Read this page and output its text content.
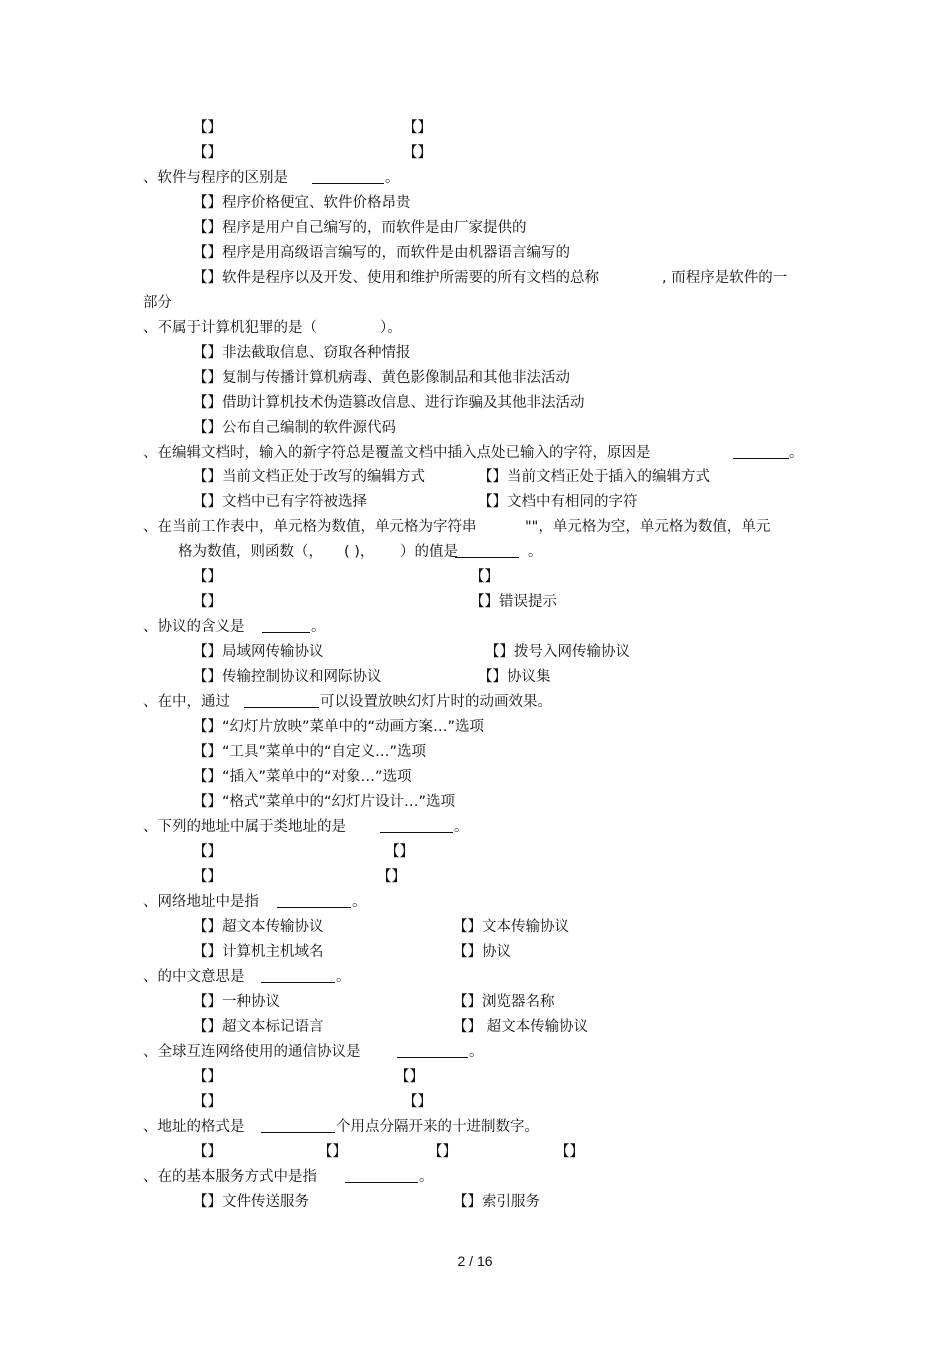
【】	【】
【】	【】
、软件与程序的区别是	。
【】程序价格便宜、软件价格昂贵
【】程序是用户自己编写的，而软件是由厂家提供的
【】程序是用高级语言编写的，而软件是由机器语言编写的
【】软件是程序以及开发、使用和维护所需要的所有文档的总称	, 而程序是软件的一
部分
、不属于计算机犯罪的是（	）。
【】非法截取信息、窃取各种情报
【】复制与传播计算机病毒、黄色影像制品和其他非法活动
【】借助计算机技术伪造篡改信息、进行诈骗及其他非法活动
【】公布自己编制的软件源代码
、在编辑文档时，输入的新字符总是覆盖文档中插入点处已输入的字符，原因是	。
【】当前文档正处于改写的编辑方式	【】当前文档正处于插入的编辑方式
【】文档中已有字符被选择	【】文档中有相同的字符
、在当前工作表中，单元格为数值，单元格为字符串	""，单元格为空，单元格为数值，单元
格为数值，则函数（， ( )， ）的值是	。
【】	【】
【】	【】错误提示
、协议的含义是	。
【】局域网传输协议	【】拨号入网传输协议
【】传输控制协议和网际协议	【】协议集
、在中，通过	可以设置放映幻灯片时的动画效果。
【】“幻灯片放映”菜单中的“动画方案…”选项
【】“工具”菜单中的“自定义…”选项
【】“插入”菜单中的“对象…”选项
【】“格式”菜单中的“幻灯片设计…”选项
、下列的地址中属于类地址的是	。
【】	【】
【】	【】
、网络地址中是指	。
【】超文本传输协议	【】文本传输协议
【】计算机主机域名	【】协议
、的中文意思是	。
【】一种协议	【】浏览器名称
【】超文本标记语言	【】 超文本传输协议
、全球互连网络使用的通信协议是	。
【】	【】
【】	【】
、地址的格式是	个用点分隔开来的十进制数字。
【】	【】	【】	【】
、在的基本服务方式中是指	。
【】文件传送服务	【】索引服务
2 / 16
